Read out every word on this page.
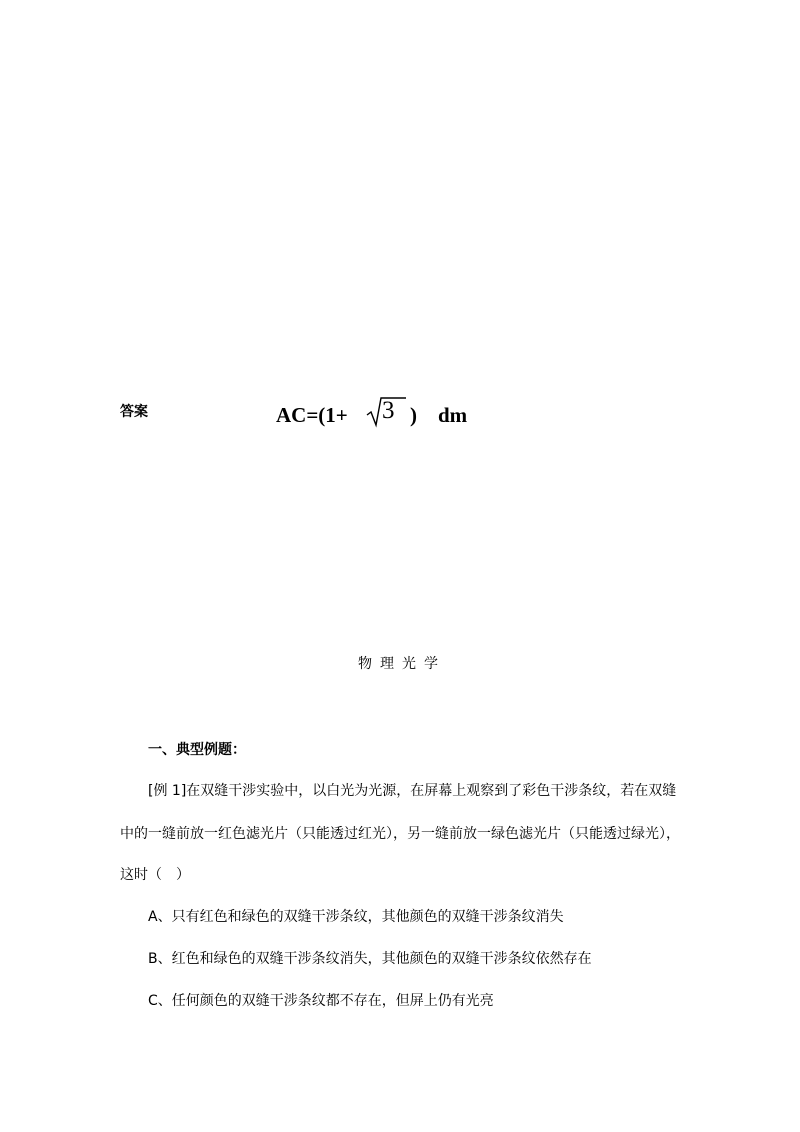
答案	AC=(1+ 3 ) dm
物理光学
一、典型例题：
[例 1]在双缝干涉实验中，以白光为光源，在屏幕上观察到了彩色干涉条纹，若在双缝
中的一缝前放一红色滤光片（只能透过红光），另一缝前放一绿色滤光片（只能透过绿光），
这时（　）
A、只有红色和绿色的双缝干涉条纹，其他颜色的双缝干涉条纹消失
B、红色和绿色的双缝干涉条纹消失，其他颜色的双缝干涉条纹依然存在
C、任何颜色的双缝干涉条纹都不存在，但屏上仍有光亮
